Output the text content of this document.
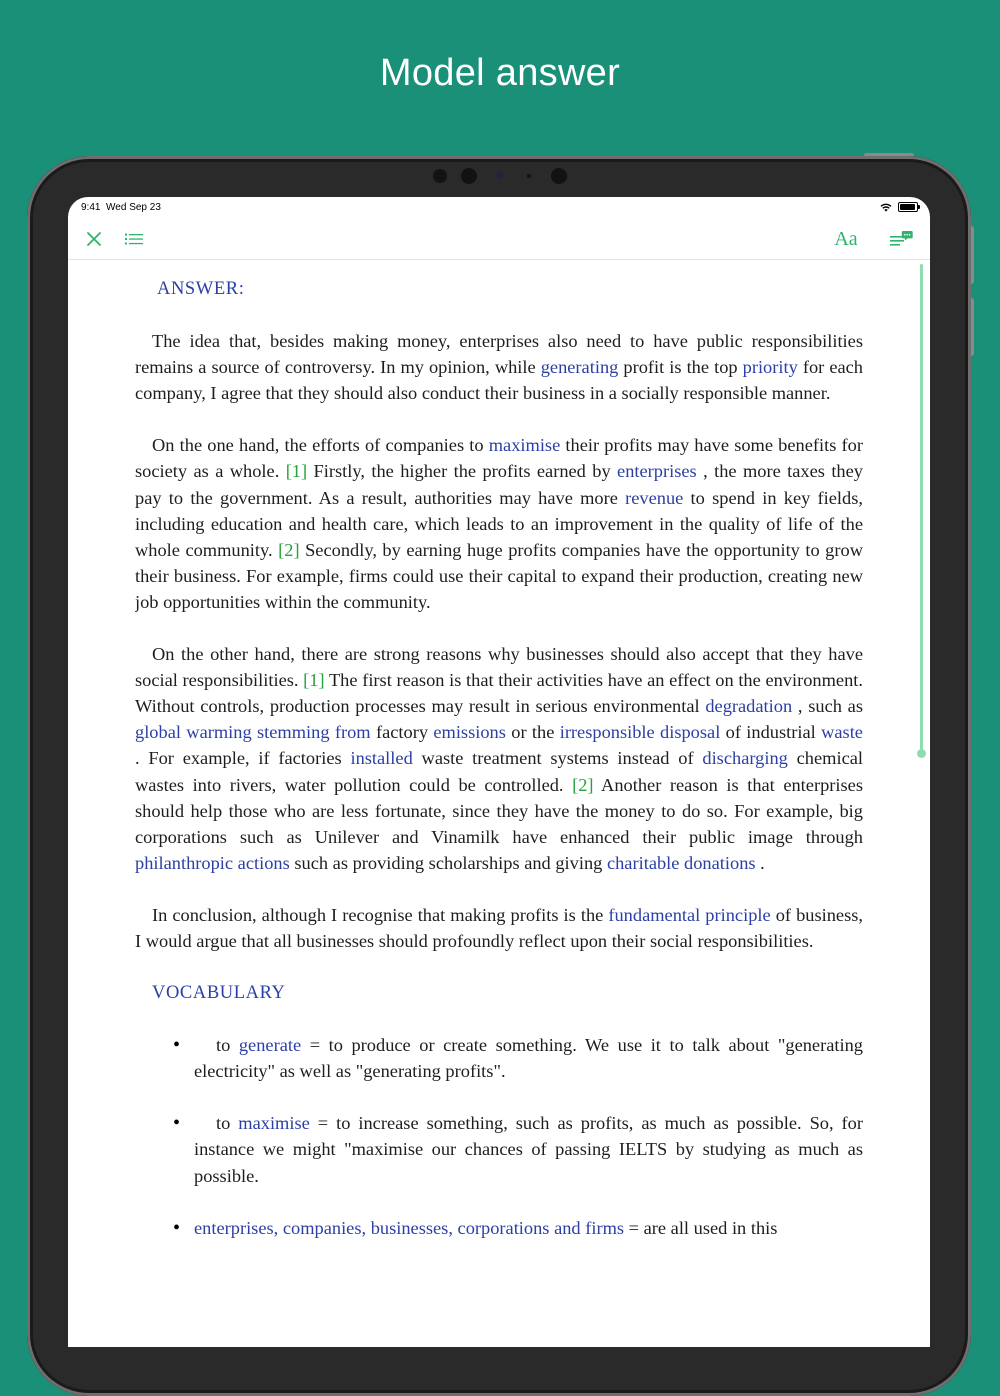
Model answer
9:41 Wed Sep 23
Aa

ANSWER:

The idea that, besides making money, enterprises also need to have public responsibilities remains a source of controversy. In my opinion, while generating profit is the top priority for each company, I agree that they should also conduct their business in a socially responsible manner.

On the one hand, the efforts of companies to maximise their profits may have some benefits for society as a whole. [1] Firstly, the higher the profits earned by enterprises , the more taxes they pay to the government. As a result, authorities may have more revenue to spend in key fields, including education and health care, which leads to an improvement in the quality of life of the whole community. [2] Secondly, by earning huge profits companies have the opportunity to grow their business. For example, firms could use their capital to expand their production, creating new job opportunities within the community.

On the other hand, there are strong reasons why businesses should also accept that they have social responsibilities. [1] The first reason is that their activities have an effect on the environment. Without controls, production processes may result in serious environmental degradation , such as global warming stemming from factory emissions or the irresponsible disposal of industrial waste . For example, if factories installed waste treatment systems instead of discharging chemical wastes into rivers, water pollution could be controlled. [2] Another reason is that enterprises should help those who are less fortunate, since they have the money to do so. For example, big corporations such as Unilever and Vinamilk have enhanced their public image through philanthropic actions such as providing scholarships and giving charitable donations .

In conclusion, although I recognise that making profits is the fundamental principle of business, I would argue that all businesses should profoundly reflect upon their social responsibilities.

VOCABULARY

• to generate = to produce or create something. We use it to talk about "generating electricity" as well as "generating profits".
• to maximise = to increase something, such as profits, as much as possible. So, for instance we might "maximise our chances of passing IELTS by studying as much as possible.
• enterprises, companies, businesses, corporations and firms = are all used in this
